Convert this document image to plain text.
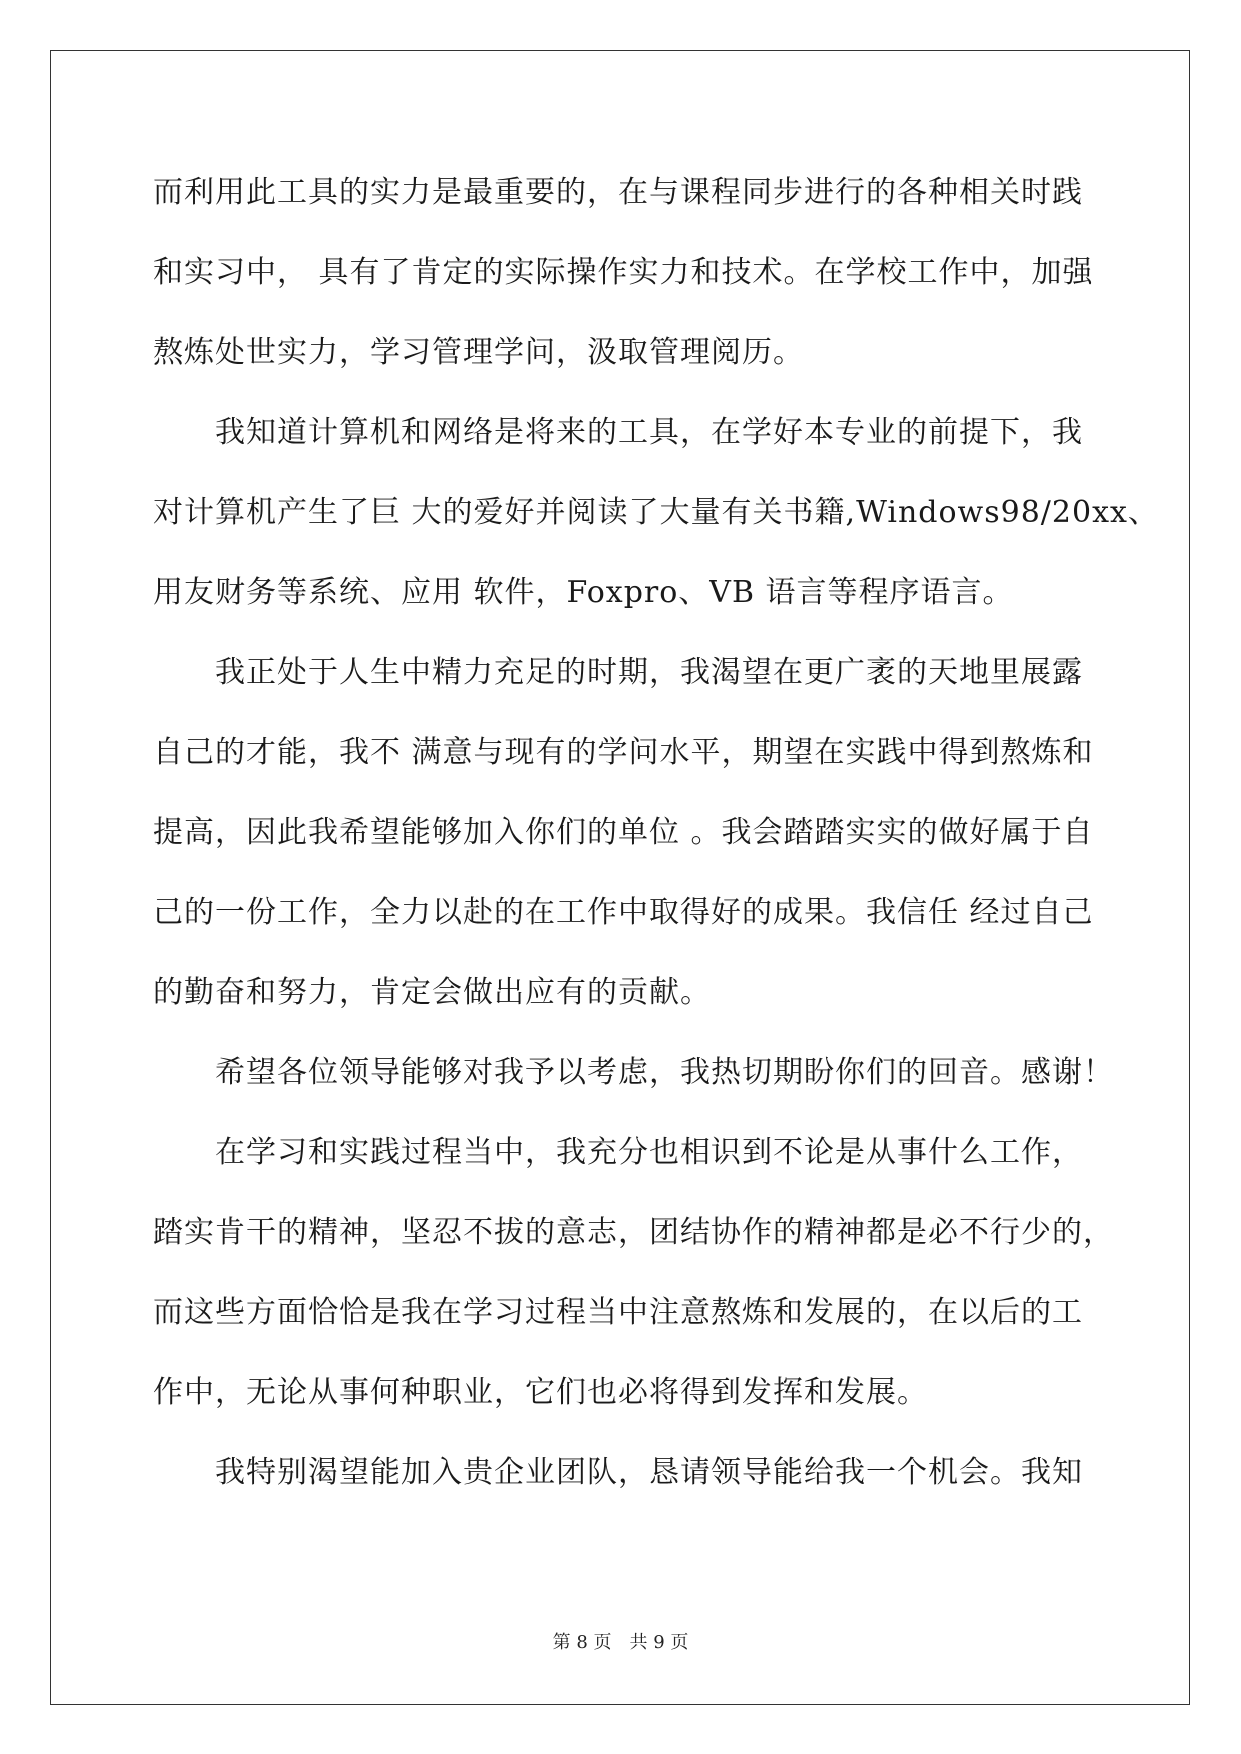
而利用此工具的实力是最重要的，在与课程同步进行的各种相关时践
和实习中， 具有了肯定的实际操作实力和技术。在学校工作中，加强
熬炼处世实力，学习管理学问，汲取管理阅历。
我知道计算机和网络是将来的工具，在学好本专业的前提下，我
对计算机产生了巨 大的爱好并阅读了大量有关书籍,Windows98/20xx、
用友财务等系统、应用 软件，Foxpro、VB 语言等程序语言。
我正处于人生中精力充足的时期，我渴望在更广袤的天地里展露
自己的才能，我不 满意与现有的学问水平，期望在实践中得到熬炼和
提高，因此我希望能够加入你们的单位 。我会踏踏实实的做好属于自
己的一份工作，全力以赴的在工作中取得好的成果。我信任 经过自己
的勤奋和努力，肯定会做出应有的贡献。
希望各位领导能够对我予以考虑，我热切期盼你们的回音。感谢！
在学习和实践过程当中，我充分也相识到不论是从事什么工作，
踏实肯干的精神，坚忍不拔的意志，团结协作的精神都是必不行少的，
而这些方面恰恰是我在学习过程当中注意熬炼和发展的，在以后的工
作中，无论从事何种职业，它们也必将得到发挥和发展。
我特别渴望能加入贵企业团队，恳请领导能给我一个机会。我知
第 8 页　共 9 页
